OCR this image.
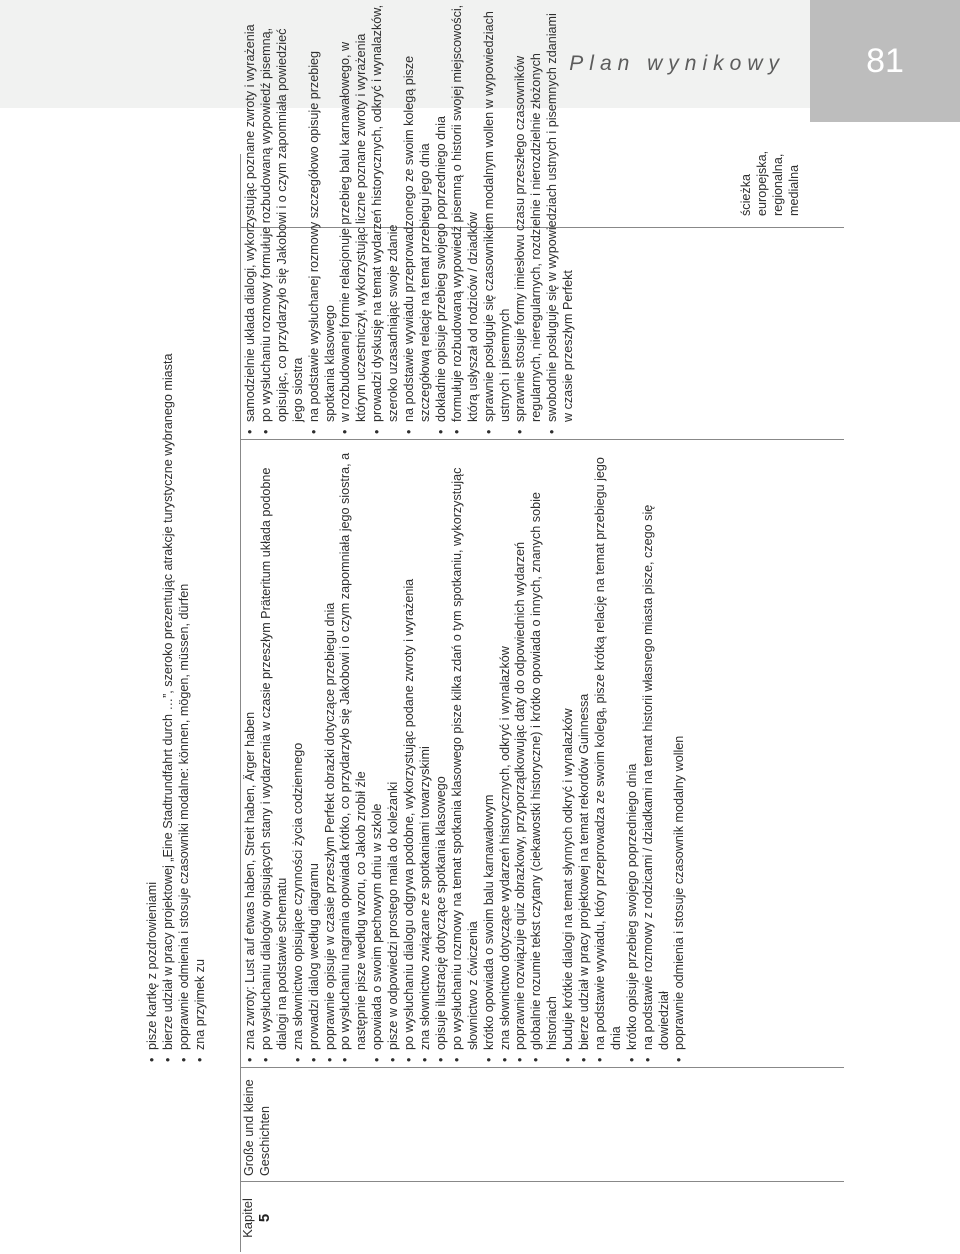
Plan wynikowy	81
Kapitel 5
Große und kleine Geschichten
• pisze kartkę z pozdrowieniami • bierze udział w pracy projektowej „Eine Stadtrundfahrt durch …”, szeroko prezentując atrakcje turystyczne wybranego miasta • poprawnie odmienia i stosuje czasowniki modalne: können, mögen, müssen, dürfen • zna przyimek zu	• zna zwroty: Lust auf etwas haben, Streit haben, Ärger haben • po wysłuchaniu dialogów opisujących stany i wydarzenia w czasie przeszłym Präteritum układa podobne dialogi na podstawie schematu • zna słownictwo opisujące czynności życia codziennego • prowadzi dialog według diagramu • poprawnie opisuje w czasie przeszłym Perfekt obrazki dotyczące przebiegu dnia • po wysłuchaniu nagrania opowiada krótko, co przydarzyło się Jakobowi i o czym zapomniała jego siostra, a następnie pisze według wzoru, co Jakob zrobił źle • opowiada o swoim pechowym dniu w szkole • pisze w odpowiedzi prostego maila do koleżanki • po wysłuchaniu dialogu odgrywa podobne, wykorzystując podane zwroty i wyrażenia • zna słownictwo związane ze spotkaniami towarzyskimi • opisuje ilustrację dotyczące spotkania klasowego • po wysłuchaniu rozmowy na temat spotkania klasowego pisze kilka zdań o tym spotkaniu, wykorzystując słownictwo z ćwiczenia • krótko opowiada o swoim balu karnawałowym • zna słownictwo dotyczące wydarzeń historycznych, odkryć i wynalazków • poprawnie rozwiązuje quiz obrazkowy, przyporządkowując daty do odpowiednich wydarzeń • globalnie rozumie tekst czytany (ciekawostki historyczne) i krótko opowiada o innych, znanych sobie historiach • buduje krótkie dialogi na temat słynnych odkryć i wynalazków • bierze udział w pracy projektowej na temat rekordów Guinnessa • na podstawie wywiadu, który przeprowadza ze swoim kolegą, pisze krótką relację na temat przebiegu jego dnia • krótko opisuje przebieg swojego poprzedniego dnia • na podstawie rozmowy z rodzicami / dziadkami na temat historii własnego miasta pisze, czego się dowiedział • poprawnie odmienia i stosuje czasownik modalny wollen
• samodzielnie układa dialogi, wykorzystując poznane zwroty i wyrażenia • po wysłuchaniu rozmowy formułuje rozbudowaną wypowiedź pisemną, opisując, co przydarzyło się Jakobowi i o czym zapomniała powiedzieć jego siostra • na podstawie wysłuchanej rozmowy szczegółowo opisuje przebieg spotkania klasowego • w rozbudowanej formie relacjonuje przebieg balu karnawałowego, w którym uczestniczył, wykorzystując liczne poznane zwroty i wyrażenia • prowadzi dyskusję na temat wydarzeń historycznych, odkryć i wynalazków, szeroko uzasadniając swoje zdanie • na podstawie wywiadu przeprowadzonego ze swoim kolegą pisze szczegółową relację na temat przebiegu jego dnia • dokładnie opisuje przebieg swojego poprzedniego dnia • formułuje rozbudowaną wypowiedź pisemną o historii swojej miejscowości, którą usłyszał od rodziców / dziadków • sprawnie posługuje się czasownikiem modalnym wollen w wypowiedziach ustnych i pisemnych • sprawnie stosuje formy imiesłowu czasu przeszłego czasowników regularnych, nieregularnych, rozdzielnie i nierozdzielnie złożonych • swobodnie posługuje się w wypowiedziach ustnych i pisemnych zdaniami w czasie przeszłym Perfekt
ścieżka europejska, regionalna, medialna
